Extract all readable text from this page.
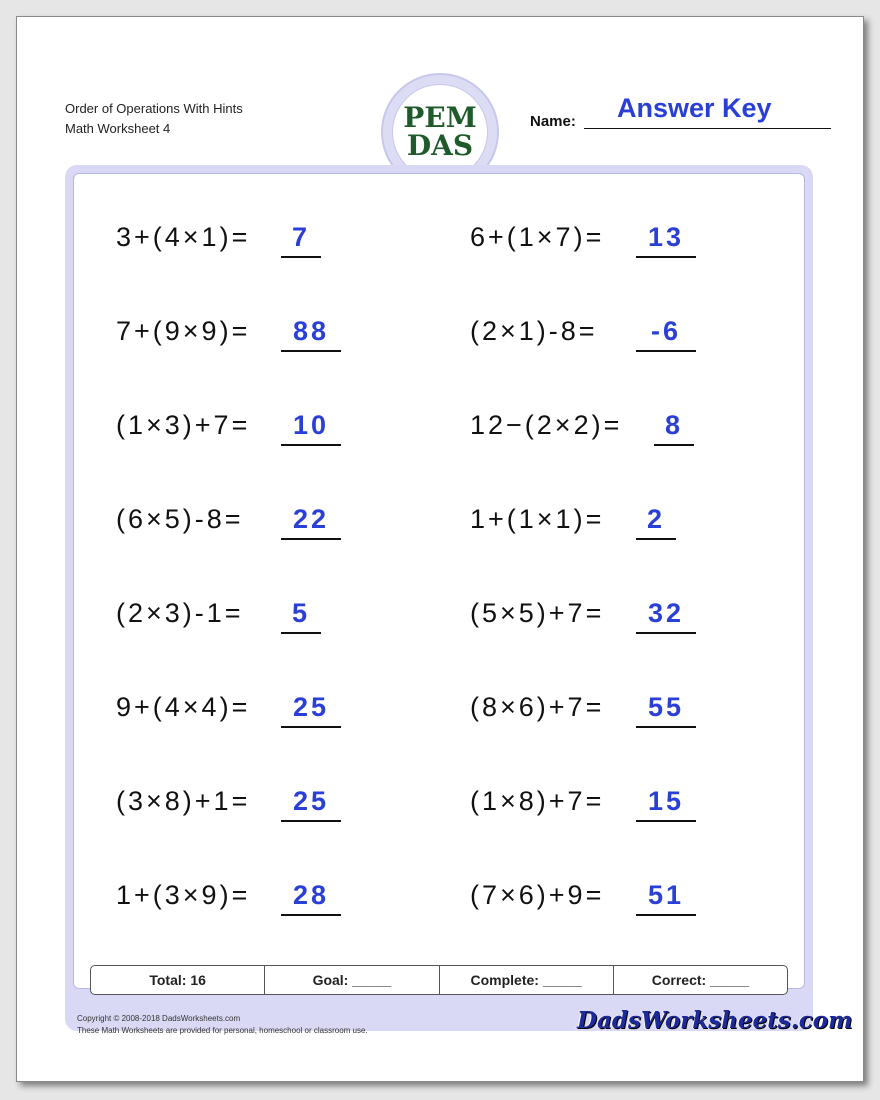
Order of Operations With Hints
Math Worksheet 4	PEM
DAS
Name: Answer Key
3+(4×1)=	7	6+(1×7)=	13
7+(9×9)=	88	(2×1)-8=	-6
(1×3)+7=	10	12−(2×2)=	8
(6×5)-8=	22	1+(1×1)=	2
(2×3)-1=	5	(5×5)+7=	32
9+(4×4)=	25	(8×6)+7=	55
(3×8)+1=	25	(1×8)+7=	15
1+(3×9)=	28	(7×6)+9=	51
Total: 16	Goal: _____	Complete: _____	Correct: _____
Copyright © 2008-2018 DadsWorksheets.com
These Math Worksheets are provided for personal, homeschool or classroom use.	DadsWorksheets.com
